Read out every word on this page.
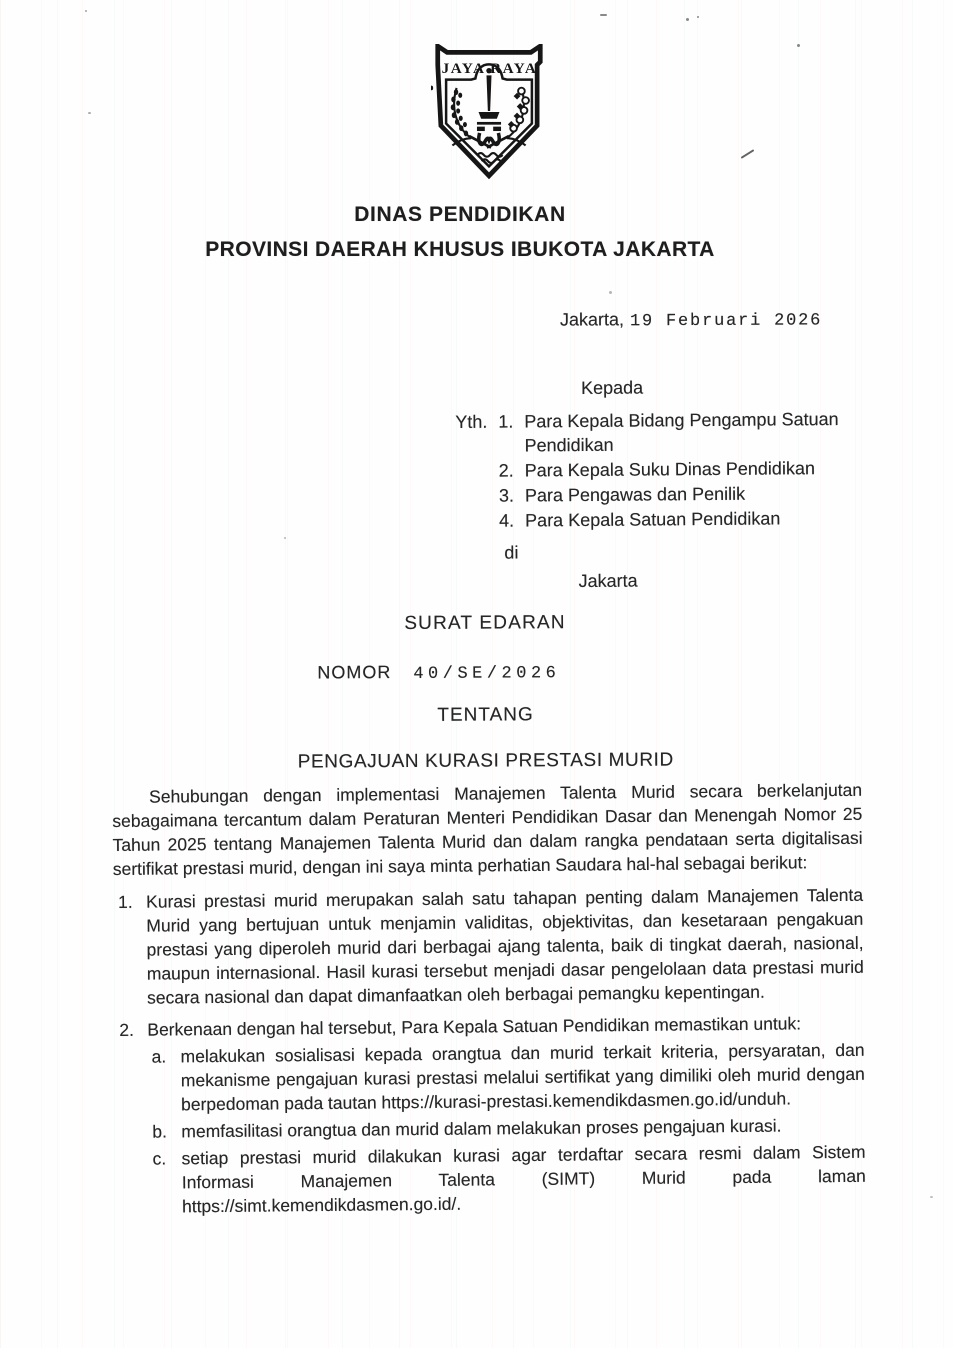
JAYA RAYA
DINAS PENDIDIKAN
PROVINSI DAERAH KHUSUS IBUKOTA JAKARTA
Jakarta, 19 Februari 2026
Kepada
Yth. 1. Para Kepala Bidang Pengampu Satuan Pendidikan
2. Para Kepala Suku Dinas Pendidikan
3. Para Pengawas dan Penilik
4. Para Kepala Satuan Pendidikan
di
Jakarta
SURAT EDARAN
NOMOR 40/SE/2026
TENTANG
PENGAJUAN KURASI PRESTASI MURID

Sehubungan dengan implementasi Manajemen Talenta Murid secara berkelanjutan sebagaimana tercantum dalam Peraturan Menteri Pendidikan Dasar dan Menengah Nomor 25 Tahun 2025 tentang Manajemen Talenta Murid dan dalam rangka pendataan serta digitalisasi sertifikat prestasi murid, dengan ini saya minta perhatian Saudara hal-hal sebagai berikut:

1. Kurasi prestasi murid merupakan salah satu tahapan penting dalam Manajemen Talenta Murid yang bertujuan untuk menjamin validitas, objektivitas, dan kesetaraan pengakuan prestasi yang diperoleh murid dari berbagai ajang talenta, baik di tingkat daerah, nasional, maupun internasional. Hasil kurasi tersebut menjadi dasar pengelolaan data prestasi murid secara nasional dan dapat dimanfaatkan oleh berbagai pemangku kepentingan.
2. Berkenaan dengan hal tersebut, Para Kepala Satuan Pendidikan memastikan untuk:
a. melakukan sosialisasi kepada orangtua dan murid terkait kriteria, persyaratan, dan mekanisme pengajuan kurasi prestasi melalui sertifikat yang dimiliki oleh murid dengan berpedoman pada tautan https://kurasi-prestasi.kemendikdasmen.go.id/unduh.
b. memfasilitasi orangtua dan murid dalam melakukan proses pengajuan kurasi.
c. setiap prestasi murid dilakukan kurasi agar terdaftar secara resmi dalam Sistem Informasi Manajemen Talenta (SIMT) Murid pada laman https://simt.kemendikdasmen.go.id/.
